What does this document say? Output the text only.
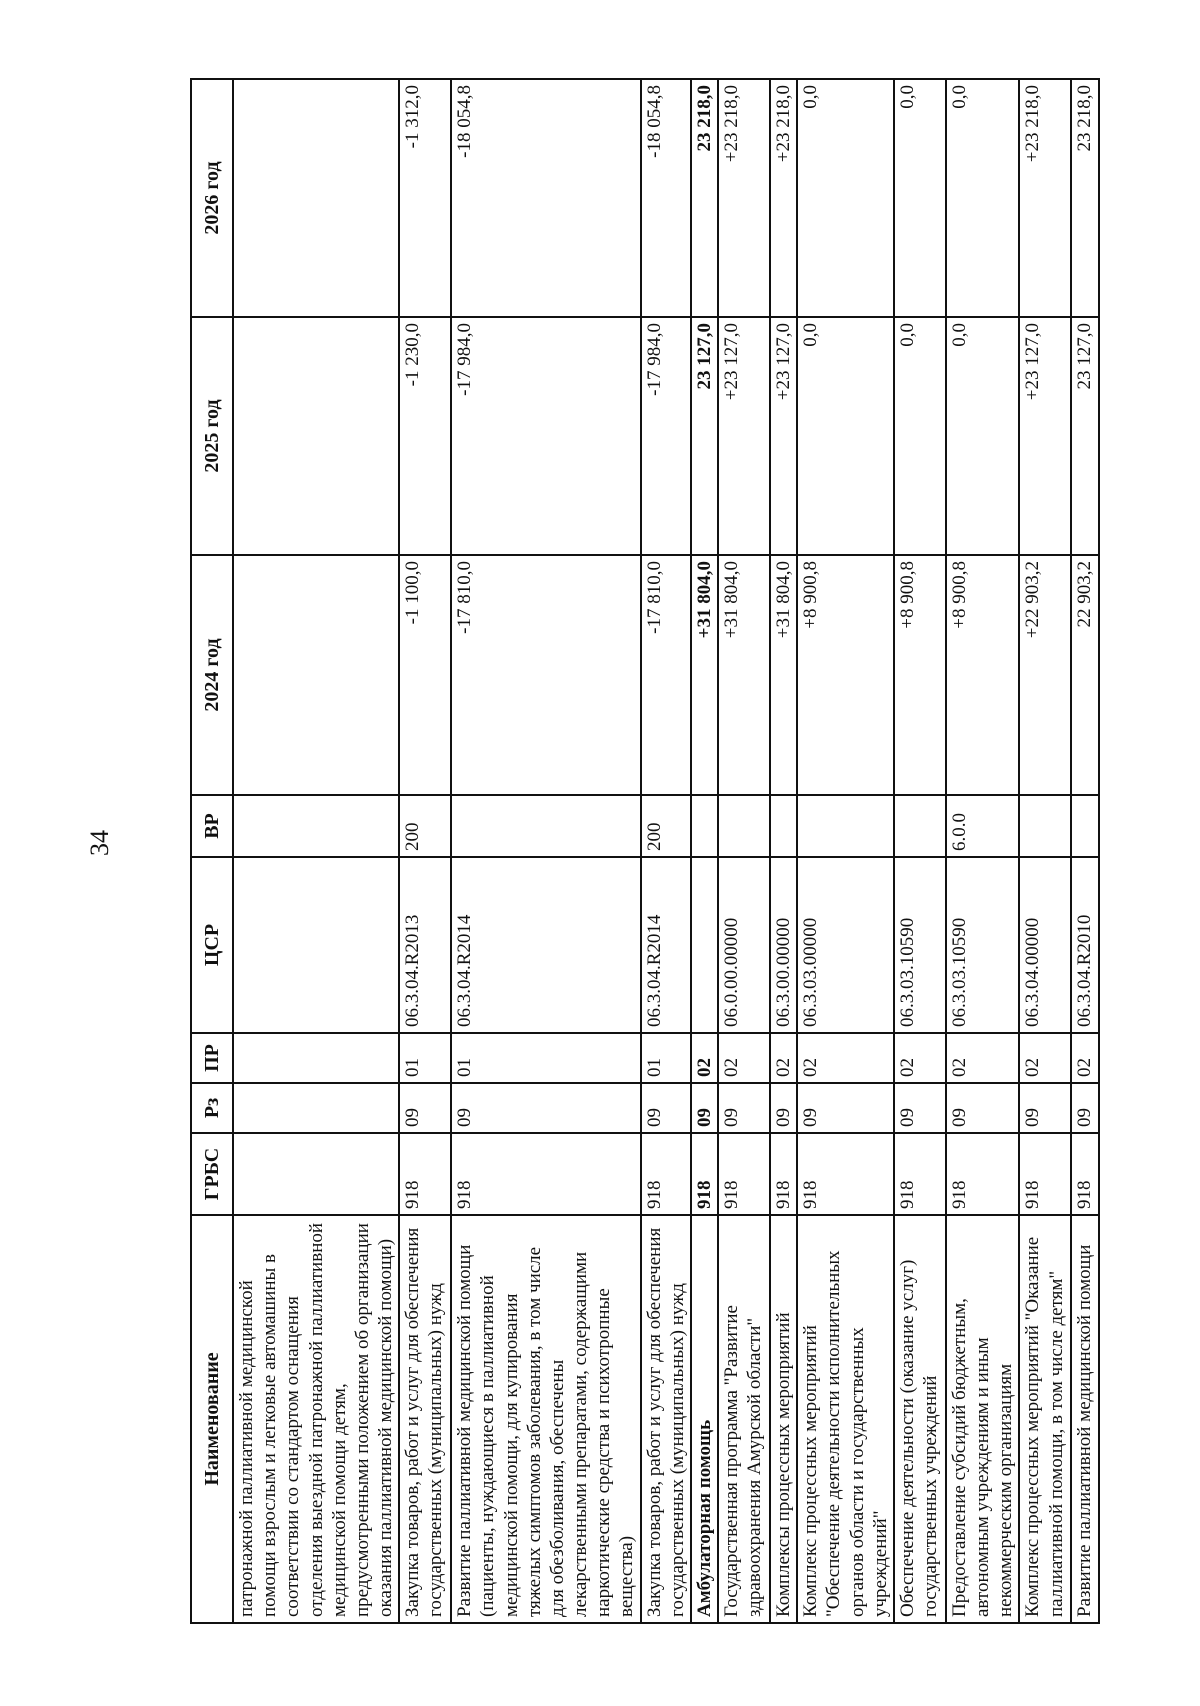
34
Наименование	ГРБС	Рз	ПР	ЦСР	ВР	2024 год	2025 год	2026 год
патронажной паллиативной медицинской помощи взрослым и легковые автомашины в соответствии со стандартом оснащения отделения выездной патронажной паллиативной медицинской помощи детям, предусмотренными положением об организации оказания паллиативной медицинской помощи)								
Закупка товаров, работ и услуг для обеспечения государственных (муниципальных) нужд	918	09	01	06.3.04.R2013	200	-1 100,0	-1 230,0	-1 312,0
Развитие паллиативной медицинской помощи (пациенты, нуждающиеся в паллиативной медицинской помощи, для купирования тяжелых симптомов заболевания, в том числе для обезболивания, обеспечены лекарственными препаратами, содержащими наркотические средства и психотропные вещества)	918	09	01	06.3.04.R2014		-17 810,0	-17 984,0	-18 054,8
Закупка товаров, работ и услуг для обеспечения государственных (муниципальных) нужд	918	09	01	06.3.04.R2014	200	-17 810,0	-17 984,0	-18 054,8
Амбулаторная помощь	918	09	02			+31 804,0	23 127,0	23 218,0
Государственная программа "Развитие здравоохранения Амурской области"	918	09	02	06.0.00.00000		+31 804,0	+23 127,0	+23 218,0
Комплексы процессных мероприятий	918	09	02	06.3.00.00000		+31 804,0	+23 127,0	+23 218,0
Комплекс процессных мероприятий "Обеспечение деятельности исполнительных органов области и государственных учреждений"	918	09	02	06.3.03.00000		+8 900,8	0,0	0,0
Обеспечение деятельности (оказание услуг) государственных учреждений	918	09	02	06.3.03.10590		+8 900,8	0,0	0,0
Предоставление субсидий бюджетным, автономным учреждениям и иным некоммерческим организациям	918	09	02	06.3.03.10590	6.0.0	+8 900,8	0,0	0,0
Комплекс процессных мероприятий "Оказание паллиативной помощи, в том числе детям"	918	09	02	06.3.04.00000		+22 903,2	+23 127,0	+23 218,0
Развитие паллиативной медицинской помощи	918	09	02	06.3.04.R2010		22 903,2	23 127,0	23 218,0
